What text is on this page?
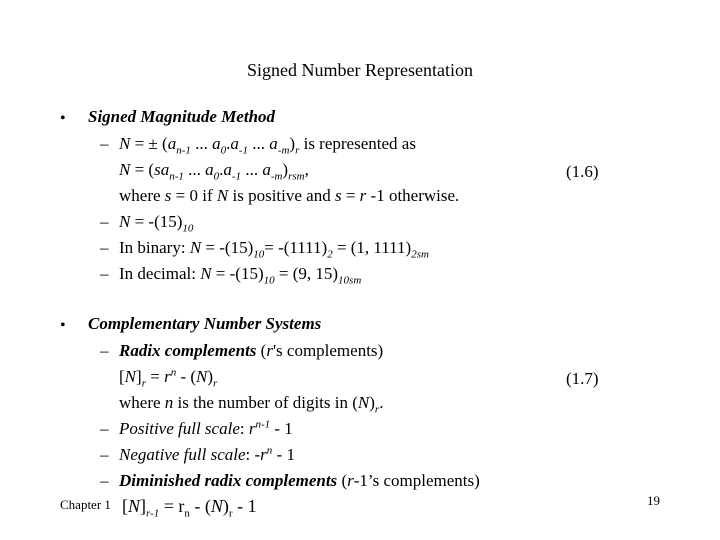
Signed Number Representation
• Signed Magnitude Method
– N = ± ($a_{n-1}$ ... $a_0.a_{-1}$ ... $a_{-m})_r$ is represented as
$N = (sa_{n-1}$ ... $a_0.a_{-1}$ ... $a_{-m})_{rsm}$,	(1.6)
where s = 0 if N is positive and s = r -1 otherwise.
– $N = -(15)_{10}$
– In binary: $N = -(15)_{10}= -(1111)_2 = (1$, $1111)_{2sm}$
– In decimal: $N = -(15)_{10} = (9$, $15)_{10sm}$
• Complementary Number Systems
– Radix complements (r's complements)
$[N]_r = r^n - (N)_r$	(1.7)
where n is the number of digits in $(N)_r$.
– Positive full scale: $r^{n-1} - 1$
– Negative full scale: $-r^n - 1$
– Diminished radix complements (r-1’s complements)
Chapter 1 $[N]_{r-1} = r_n - (N)_r - 1$	19
